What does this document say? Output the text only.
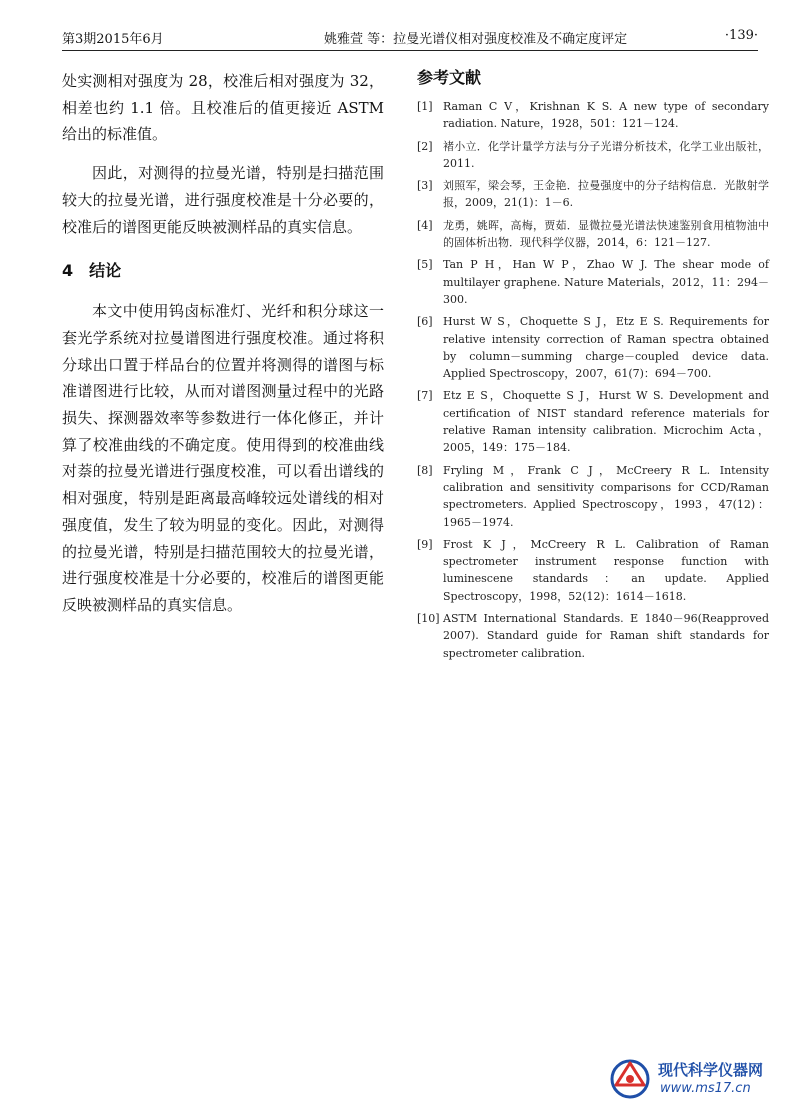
第3期2015年6月	姚雅萱 等：拉曼光谱仪相对强度校准及不确定度评定	·139·

处实测相对强度为 28，校准后相对强度为 32，相差也约 1.1 倍。且校准后的值更接近 ASTM 给出的标准值。

因此，对测得的拉曼光谱，特别是扫描范围较大的拉曼光谱，进行强度校准是十分必要的，校准后的谱图更能反映被测样品的真实信息。

4 结论

本文中使用钨卤标准灯、光纤和积分球这一套光学系统对拉曼谱图进行强度校准。通过将积分球出口置于样品台的位置并将测得的谱图与标准谱图进行比较，从而对谱图测量过程中的光路损失、探测器效率等参数进行一体化修正，并计算了校准曲线的不确定度。使用得到的校准曲线对萘的拉曼光谱进行强度校准，可以看出谱线的相对强度，特别是距离最高峰较远处谱线的相对强度值，发生了较为明显的变化。因此，对测得的拉曼光谱，特别是扫描范围较大的拉曼光谱，进行强度校准是十分必要的，校准后的谱图更能反映被测样品的真实信息。

参考文献
[1] Raman C V，Krishnan K S. A new type of secondary radiation. Nature，1928，501：121－124.
[2] 褚小立．化学计量学方法与分子光谱分析技术，化学工业出版社，2011.
[3] 刘照军，梁会琴，王金艳．拉曼强度中的分子结构信息．光散射学报，2009，21(1)：1－6.
[4] 龙勇，姚晖，高梅，贾茹．显微拉曼光谱法快速鉴别食用植物油中的固体析出物．现代科学仪器，2014，6：121－127.
[5] Tan P H，Han W P，Zhao W J. The shear mode of multilayer graphene. Nature Materials，2012，11：294－300.
[6] Hurst W S，Choquette S J，Etz E S. Requirements for relative intensity correction of Raman spectra obtained by column－summing charge－coupled device data. Applied Spectroscopy，2007，61(7)：694－700.
[7] Etz E S，Choquette S J，Hurst W S. Development and certification of NIST standard reference materials for relative Raman intensity calibration. Microchim Acta，2005，149：175－184.
[8] Fryling M，Frank C J，McCreery R L. Intensity calibration and sensitivity comparisons for CCD/Raman spectrometers. Applied Spectroscopy，1993，47(12)：1965－1974.
[9] Frost K J，McCreery R L. Calibration of Raman spectrometer instrument response function with luminescene standards：an update. Applied Spectroscopy，1998，52(12)：1614－1618.
[10] ASTM International Standards. E 1840－96(Reapproved 2007). Standard guide for Raman shift standards for spectrometer calibration.
现代科学仪器网
www.ms17.cn
